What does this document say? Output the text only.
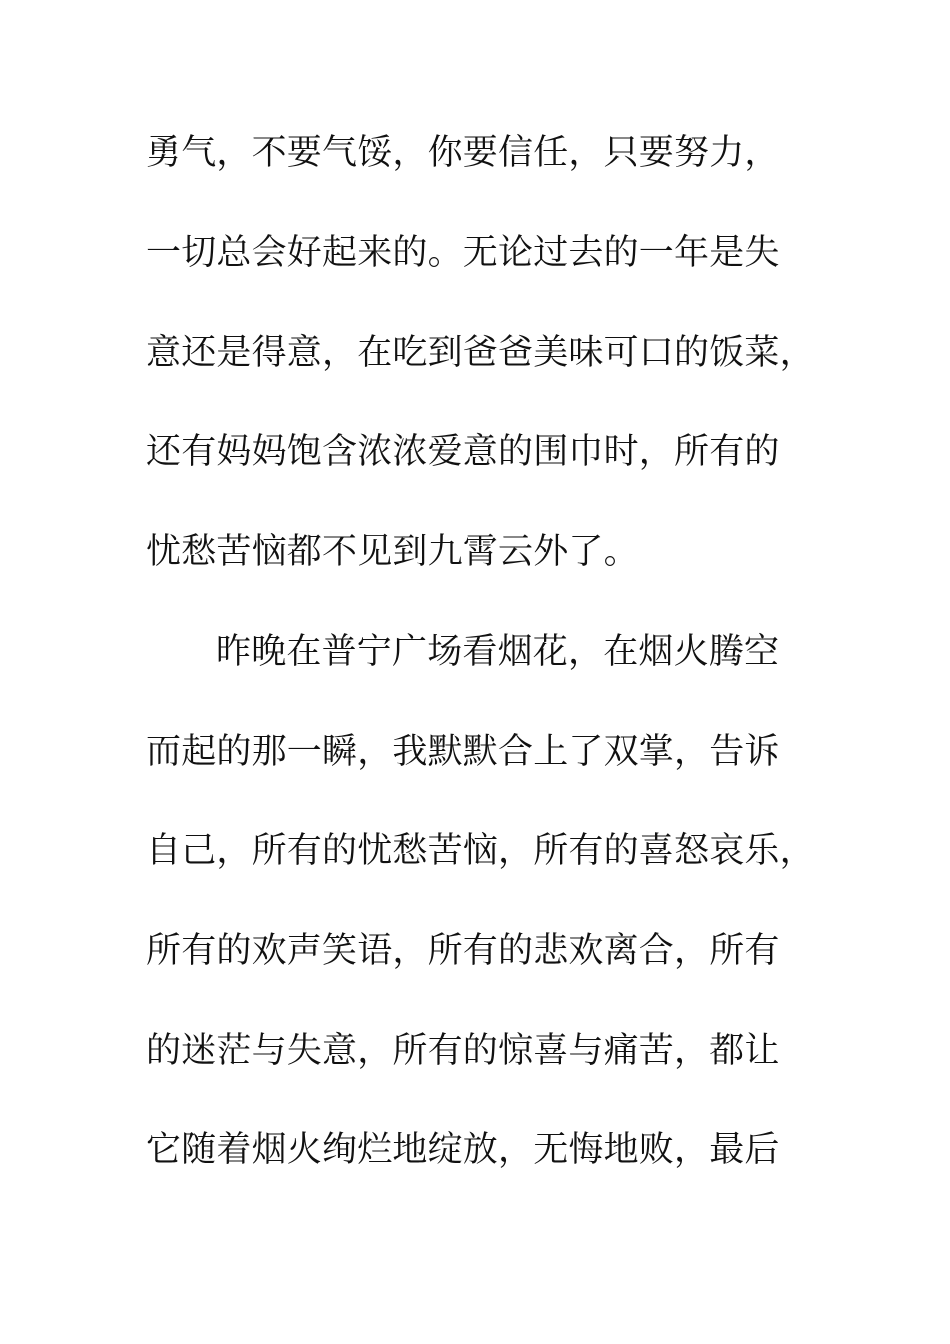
勇气，不要气馁，你要信任，只要努力，
一切总会好起来的。无论过去的一年是失
意还是得意，在吃到爸爸美味可口的饭菜，
还有妈妈饱含浓浓爱意的围巾时，所有的
忧愁苦恼都不见到九霄云外了。
昨晚在普宁广场看烟花，在烟火腾空
而起的那一瞬，我默默合上了双掌，告诉
自己，所有的忧愁苦恼，所有的喜怒哀乐，
所有的欢声笑语，所有的悲欢离合，所有
的迷茫与失意，所有的惊喜与痛苦，都让
它随着烟火绚烂地绽放，无悔地败，最后
